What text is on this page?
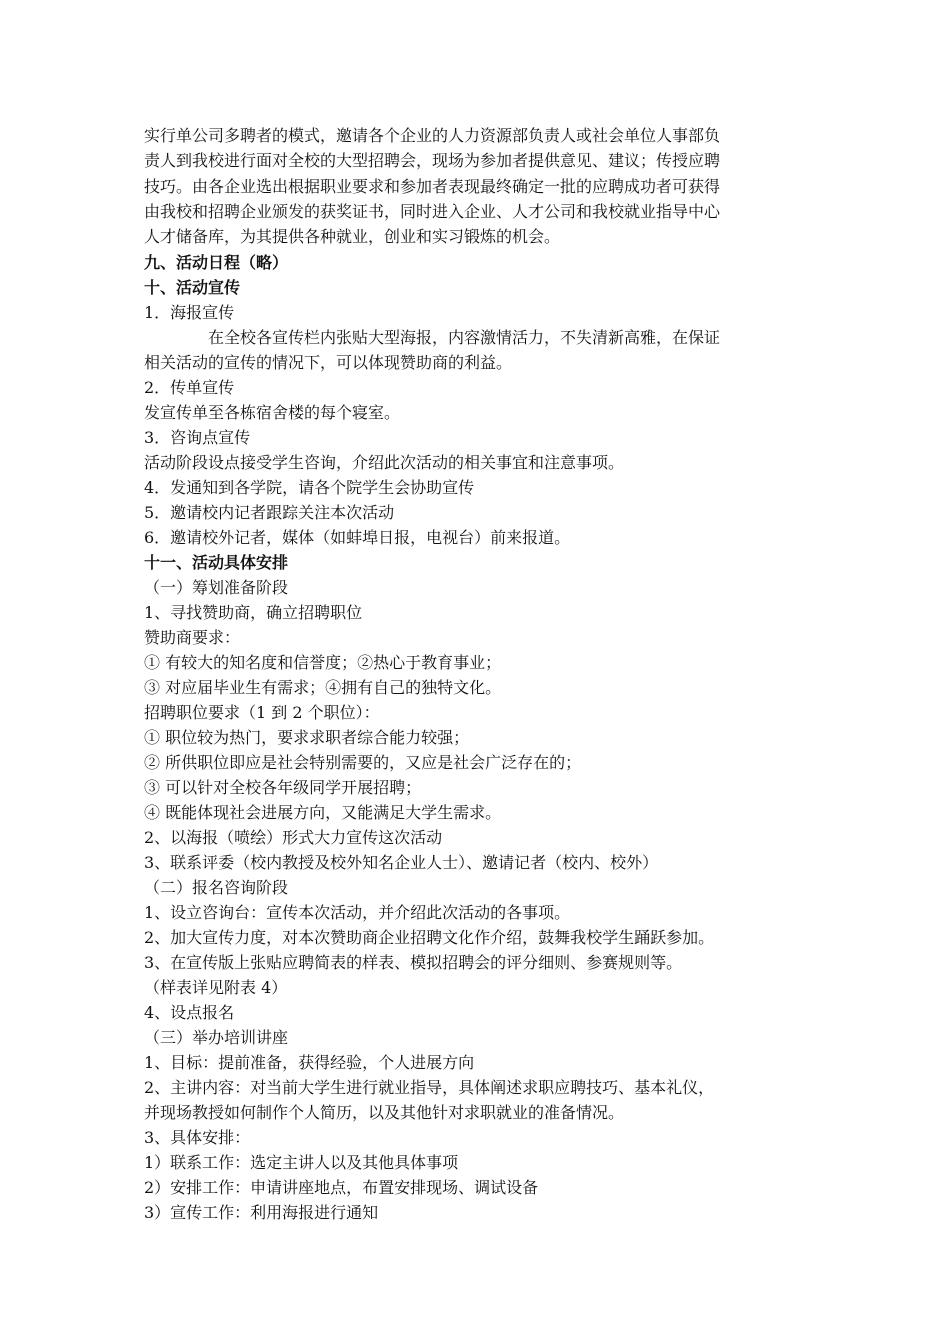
实行单公司多聘者的模式，邀请各个企业的人力资源部负责人或社会单位人事部负
责人到我校进行面对全校的大型招聘会，现场为参加者提供意见、建议；传授应聘
技巧。由各企业选出根据职业要求和参加者表现最终确定一批的应聘成功者可获得
由我校和招聘企业颁发的获奖证书，同时进入企业、人才公司和我校就业指导中心
人才储备库，为其提供各种就业，创业和实习锻炼的机会。
九、活动日程（略）
十、活动宣传
1．海报宣传
在全校各宣传栏内张贴大型海报，内容激情活力，不失清新高雅，在保证
相关活动的宣传的情况下，可以体现赞助商的利益。
2．传单宣传
发宣传单至各栋宿舍楼的每个寝室。
3．咨询点宣传
活动阶段设点接受学生咨询，介绍此次活动的相关事宜和注意事项。
4．发通知到各学院，请各个院学生会协助宣传
5．邀请校内记者跟踪关注本次活动
6．邀请校外记者，媒体（如蚌埠日报，电视台）前来报道。
十一、活动具体安排
（一）筹划准备阶段
1、寻找赞助商，确立招聘职位
赞助商要求：
① 有较大的知名度和信誉度；②热心于教育事业；
③ 对应届毕业生有需求；④拥有自己的独特文化。
招聘职位要求（1 到 2 个职位）：
① 职位较为热门，要求求职者综合能力较强；
② 所供职位即应是社会特别需要的，又应是社会广泛存在的；
③ 可以针对全校各年级同学开展招聘；
④ 既能体现社会进展方向，又能满足大学生需求。
2、以海报（喷绘）形式大力宣传这次活动
3、联系评委（校内教授及校外知名企业人士）、邀请记者（校内、校外）
（二）报名咨询阶段
1、设立咨询台：宣传本次活动，并介绍此次活动的各事项。
2、加大宣传力度，对本次赞助商企业招聘文化作介绍，鼓舞我校学生踊跃参加。
3、在宣传版上张贴应聘简表的样表、模拟招聘会的评分细则、参赛规则等。
（样表详见附表 4）
4、设点报名
（三）举办培训讲座
1、目标：提前准备，获得经验，个人进展方向
2、主讲内容：对当前大学生进行就业指导，具体阐述求职应聘技巧、基本礼仪，
并现场教授如何制作个人简历，以及其他针对求职就业的准备情况。
3、具体安排：
1）联系工作：选定主讲人以及其他具体事项
2）安排工作：申请讲座地点，布置安排现场、调试设备
3）宣传工作：利用海报进行通知
